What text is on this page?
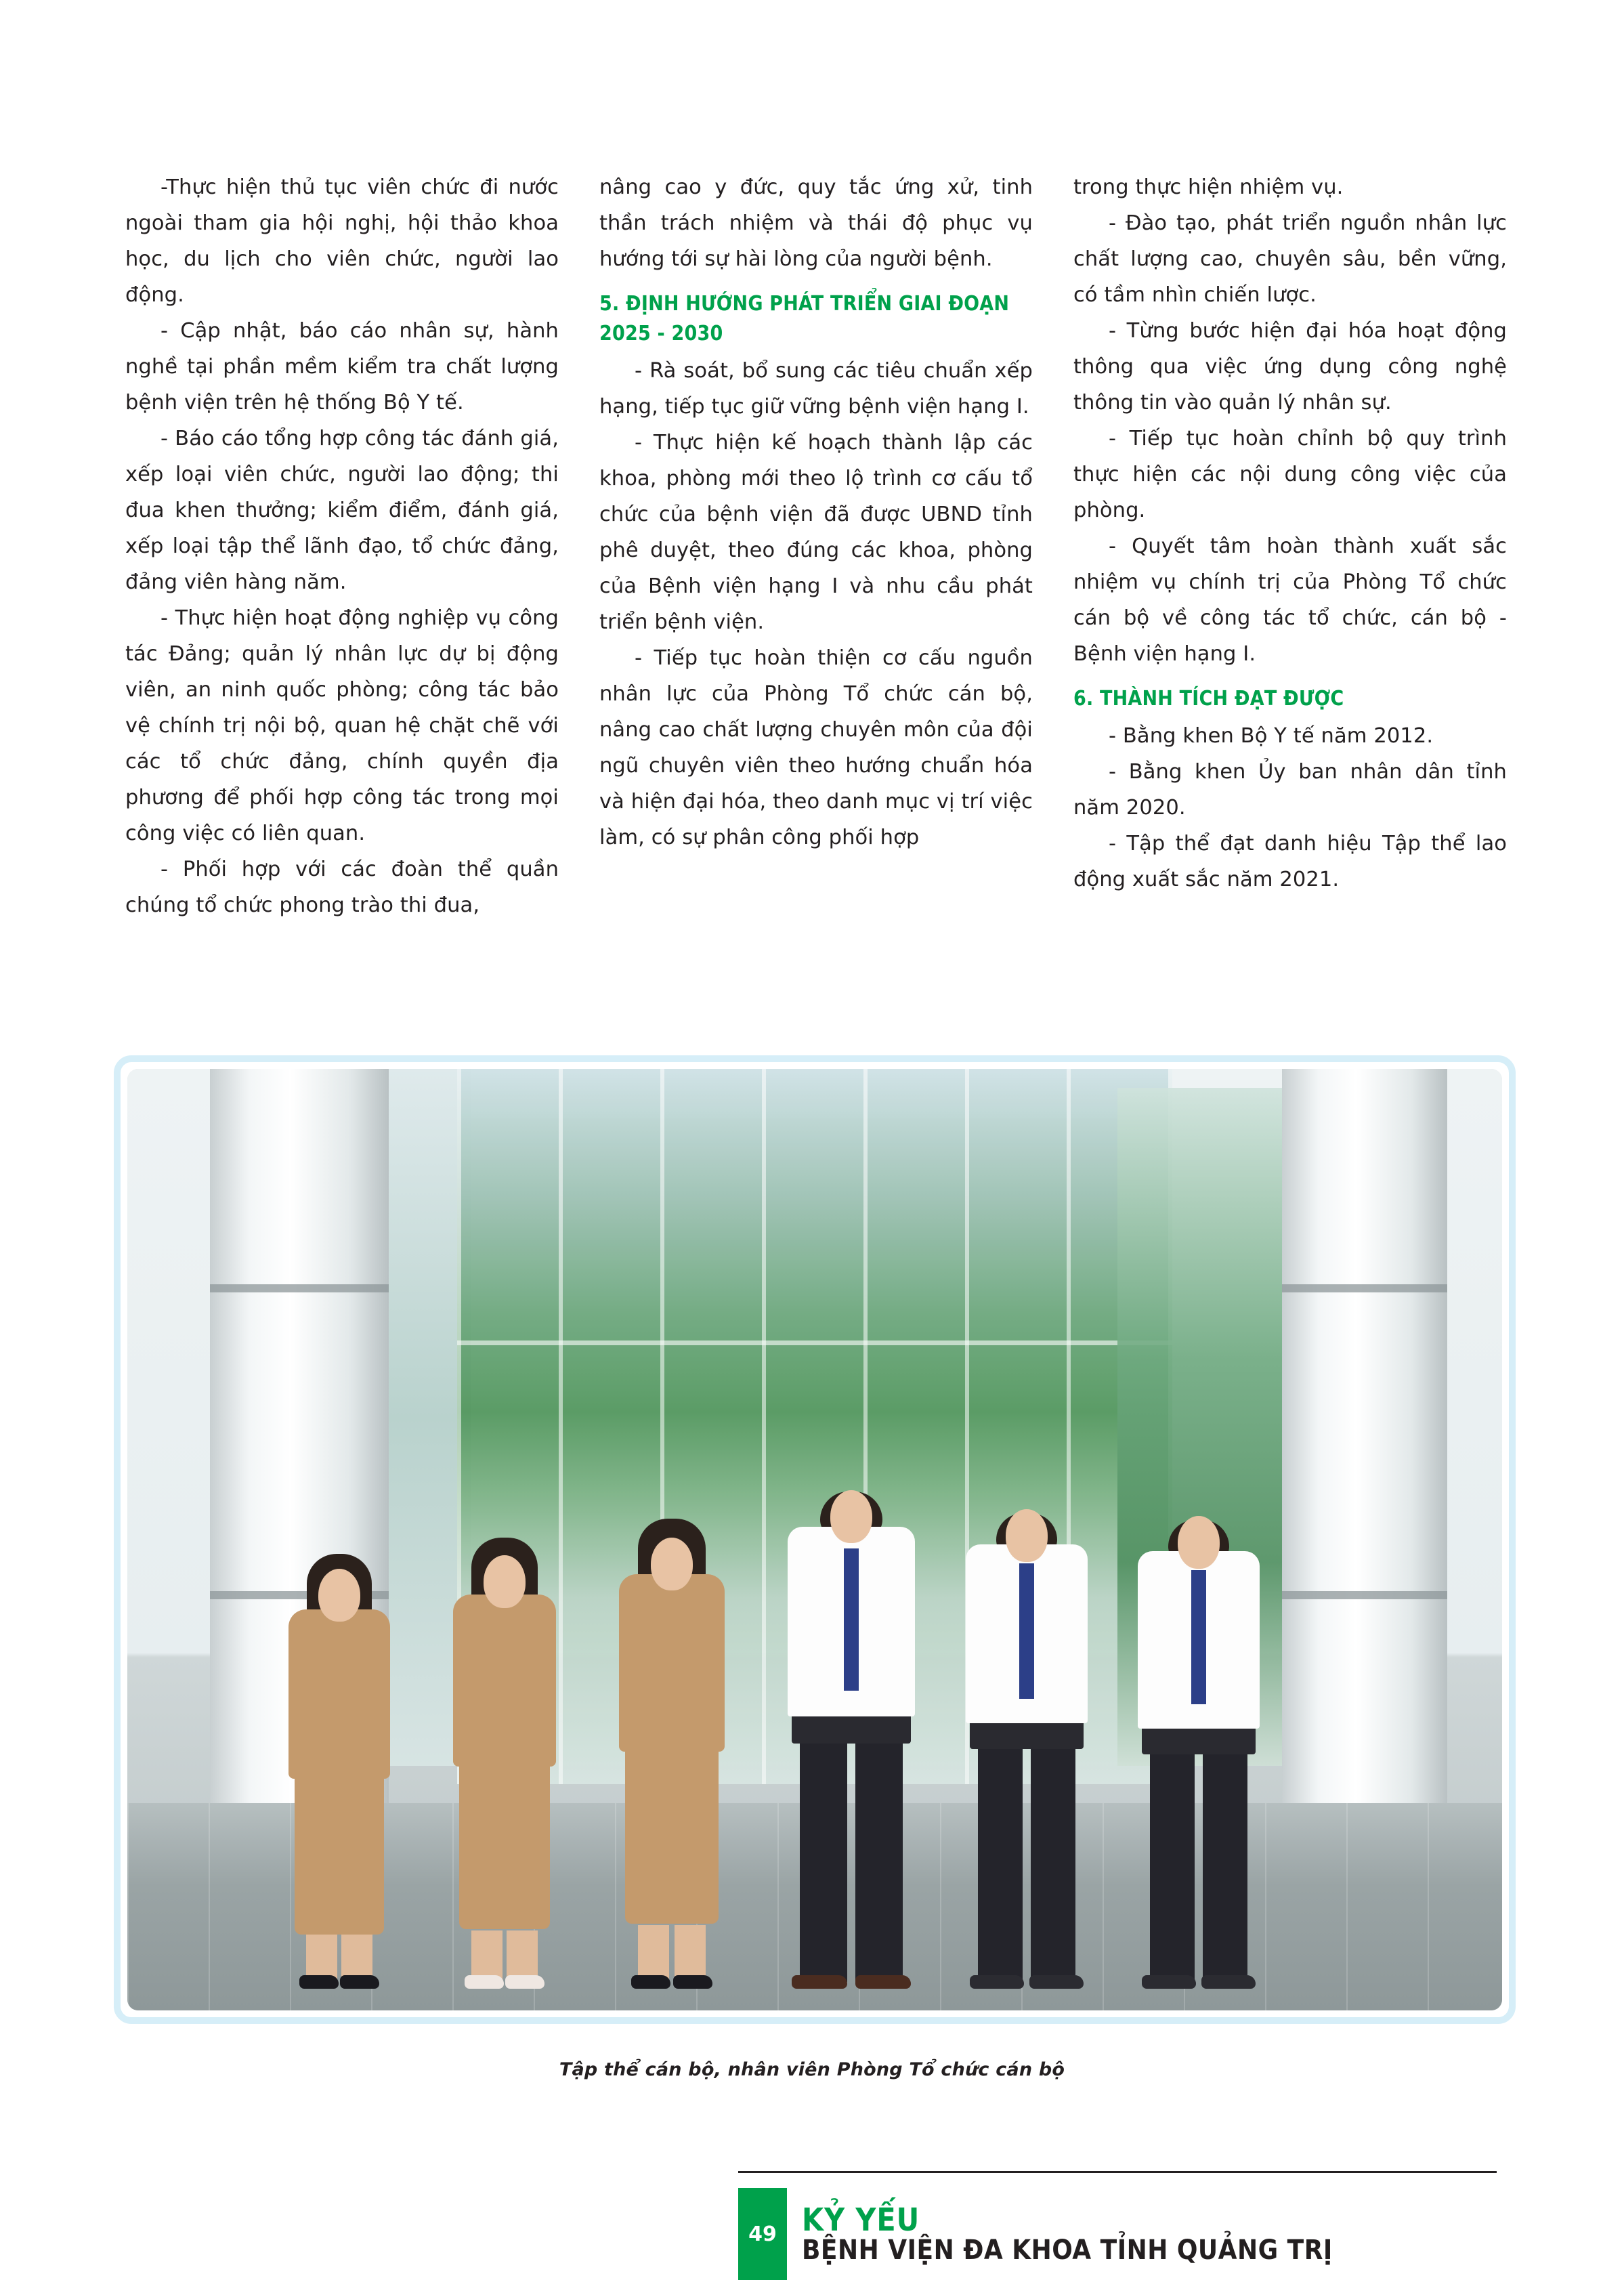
-Thực hiện thủ tục viên chức đi nước ngoài tham gia hội nghị, hội thảo khoa học, du lịch cho viên chức, người lao động.

- Cập nhật, báo cáo nhân sự, hành nghề tại phần mềm kiểm tra chất lượng bệnh viện trên hệ thống Bộ Y tế.

- Báo cáo tổng hợp công tác đánh giá, xếp loại viên chức, người lao động; thi đua khen thưởng; kiểm điểm, đánh giá, xếp loại tập thể lãnh đạo, tổ chức đảng, đảng viên hàng năm.

- Thực hiện hoạt động nghiệp vụ công tác Đảng; quản lý nhân lực dự bị động viên, an ninh quốc phòng; công tác bảo vệ chính trị nội bộ, quan hệ chặt chẽ với các tổ chức đảng, chính quyền địa phương để phối hợp công tác trong mọi công việc có liên quan.

- Phối hợp với các đoàn thể quần chúng tổ chức phong trào thi đua,

nâng cao y đức, quy tắc ứng xử, tinh thần trách nhiệm và thái độ phục vụ hướng tới sự hài lòng của người bệnh.

5. ĐỊNH HƯỚNG PHÁT TRIỂN GIAI ĐOẠN 2025 - 2030

- Rà soát, bổ sung các tiêu chuẩn xếp hạng, tiếp tục giữ vững bệnh viện hạng I.

- Thực hiện kế hoạch thành lập các khoa, phòng mới theo lộ trình cơ cấu tổ chức của bệnh viện đã được UBND tỉnh phê duyệt, theo đúng các khoa, phòng của Bệnh viện hạng I và nhu cầu phát triển bệnh viện.

- Tiếp tục hoàn thiện cơ cấu nguồn nhân lực của Phòng Tổ chức cán bộ, nâng cao chất lượng chuyên môn của đội ngũ chuyên viên theo hướng chuẩn hóa và hiện đại hóa, theo danh mục vị trí việc làm, có sự phân công phối hợp

trong thực hiện nhiệm vụ.

- Đào tạo, phát triển nguồn nhân lực chất lượng cao, chuyên sâu, bền vững, có tầm nhìn chiến lược.

- Từng bước hiện đại hóa hoạt động thông qua việc ứng dụng công nghệ thông tin vào quản lý nhân sự.

- Tiếp tục hoàn chỉnh bộ quy trình thực hiện các nội dung công việc của phòng.

- Quyết tâm hoàn thành xuất sắc nhiệm vụ chính trị của Phòng Tổ chức cán bộ về công tác tổ chức, cán bộ - Bệnh viện hạng I.

6. THÀNH TÍCH ĐẠT ĐƯỢC

- Bằng khen Bộ Y tế năm 2012.

- Bằng khen Ủy ban nhân dân tỉnh năm 2020.

- Tập thể đạt danh hiệu Tập thể lao động xuất sắc năm 2021.

Tập thể cán bộ, nhân viên Phòng Tổ chức cán bộ
49 KỶ YẾU
BỆNH VIỆN ĐA KHOA TỈNH QUẢNG TRỊ
